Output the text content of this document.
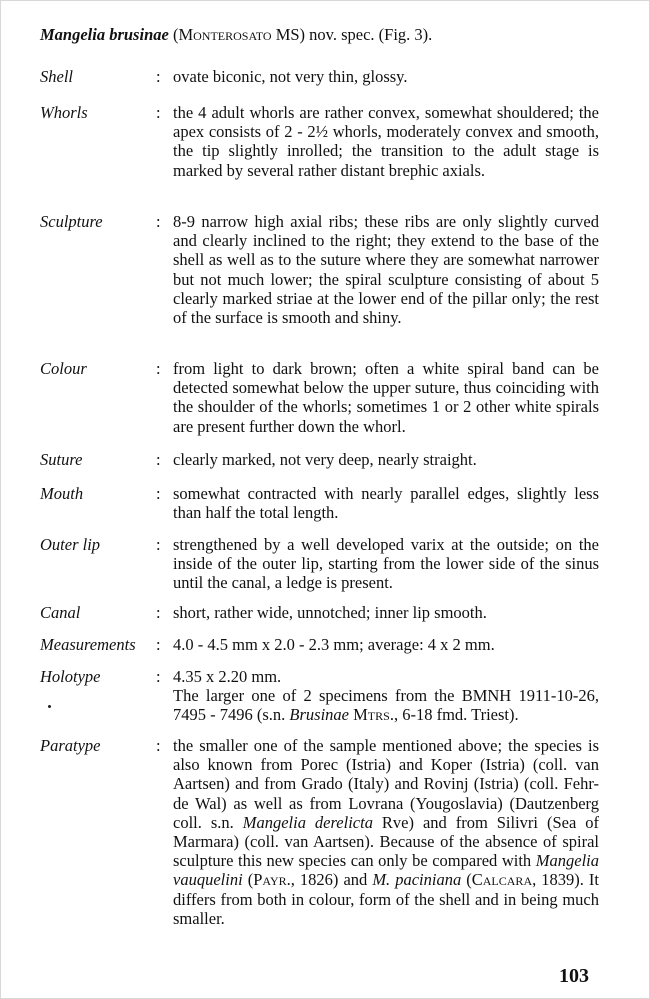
Mangelia brusinae (Monterosato MS) nov. spec. (Fig. 3).
Shell	: ovate biconic, not very thin, glossy.
Whorls	: the 4 adult whorls are rather convex, somewhat shouldered; the apex consists of 2 - 2½ whorls, moderately convex and smooth, the tip slightly inrolled; the transition to the adult stage is marked by several rather distant brephic axials.
Sculpture	: 8-9 narrow high axial ribs; these ribs are only slightly curved and clearly inclined to the right; they extend to the base of the shell as well as to the suture where they are somewhat narrower but not much lower; the spiral sculpture consisting of about 5 clearly marked striae at the lower end of the pillar only; the rest of the surface is smooth and shiny.
Colour	: from light to dark brown; often a white spiral band can be detected somewhat below the upper suture, thus coinciding with the shoulder of the whorls; sometimes 1 or 2 other white spirals are present further down the whorl.
Suture	: clearly marked, not very deep, nearly straight.
Mouth	: somewhat contracted with nearly parallel edges, slightly less than half the total length.
Outer lip	: strengthened by a well developed varix at the outside; on the inside of the outer lip, starting from the lower side of the sinus until the canal, a ledge is present.
Canal	: short, rather wide, unnotched; inner lip smooth.
Measurements : 4.0 - 4.5 mm x 2.0 - 2.3 mm; average: 4 x 2 mm.
Holotype	: 4.35 x 2.20 mm.
The larger one of 2 specimens from the BMNH 1911-10-26, 7495 - 7496 (s.n. Brusinae Mtrs., 6-18 fmd. Triest).
Paratype	: the smaller one of the sample mentioned above; the species is also known from Porec (Istria) and Koper (Istria) (coll. van Aartsen) and from Grado (Italy) and Rovinj (Istria) (coll. Fehr-de Wal) as well as from Lovrana (Yougoslavia) (Dautzenberg coll. s.n. Mangelia derelicta Rve) and from Silivri (Sea of Marmara) (coll. van Aartsen). Because of the absence of spiral sculpture this new species can only be compared with Mangelia vauquelini (Payr., 1826) and M. paciniana (Calcara, 1839). It differs from both in colour, form of the shell and in being much smaller.
103
